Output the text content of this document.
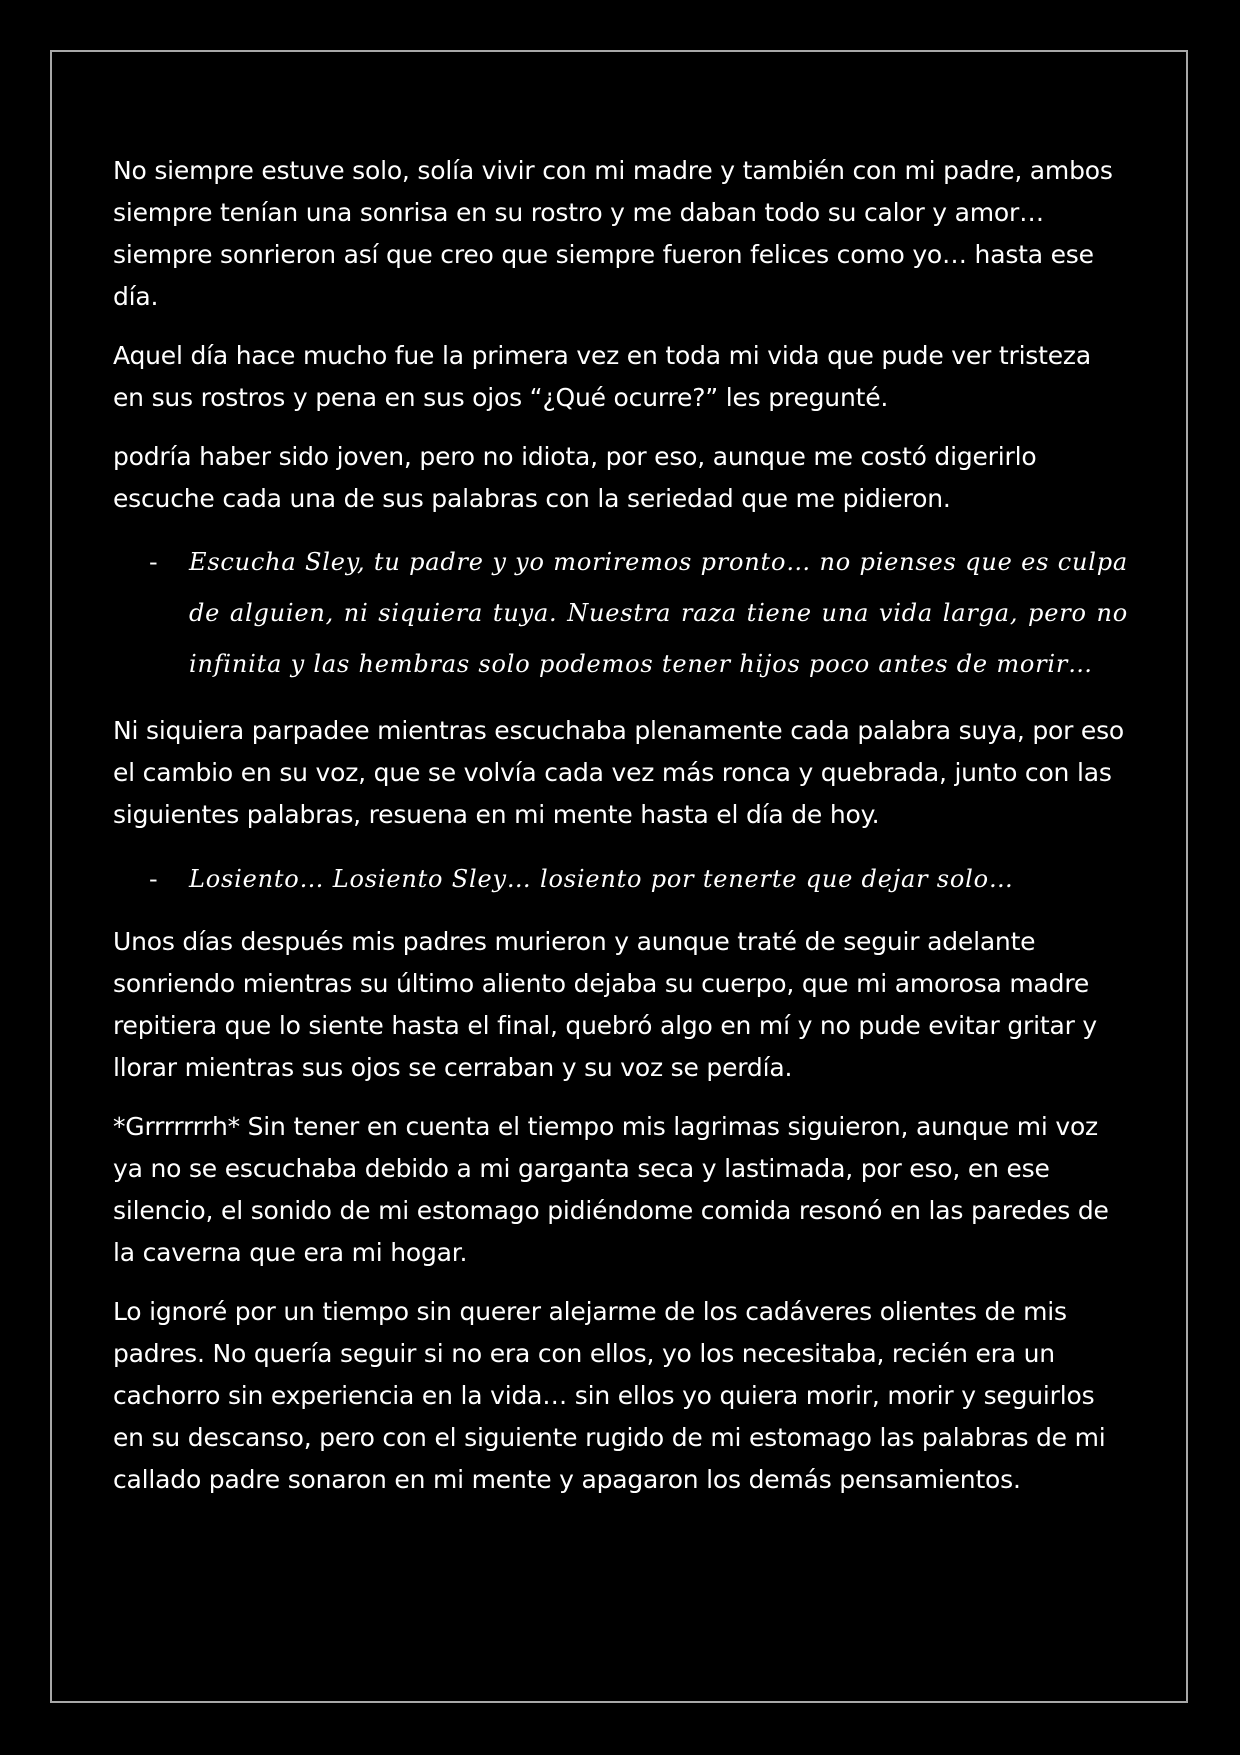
No siempre estuve solo, solía vivir con mi madre y también con mi padre, ambos siempre tenían una sonrisa en su rostro y me daban todo su calor y amor… siempre sonrieron así que creo que siempre fueron felices como yo… hasta ese día.

Aquel día hace mucho fue la primera vez en toda mi vida que pude ver tristeza en sus rostros y pena en sus ojos “¿Qué ocurre?” les pregunté.

podría haber sido joven, pero no idiota, por eso, aunque me costó digerirlo escuche cada una de sus palabras con la seriedad que me pidieron.

- Escucha Sley, tu padre y yo moriremos pronto… no pienses que es culpa de alguien, ni siquiera tuya. Nuestra raza tiene una vida larga, pero no infinita y las hembras solo podemos tener hijos poco antes de morir…

Ni siquiera parpadee mientras escuchaba plenamente cada palabra suya, por eso el cambio en su voz, que se volvía cada vez más ronca y quebrada, junto con las siguientes palabras, resuena en mi mente hasta el día de hoy.

- Losiento… Losiento Sley… losiento por tenerte que dejar solo…

Unos días después mis padres murieron y aunque traté de seguir adelante sonriendo mientras su último aliento dejaba su cuerpo, que mi amorosa madre repitiera que lo siente hasta el final, quebró algo en mí y no pude evitar gritar y llorar mientras sus ojos se cerraban y su voz se perdía.

*Grrrrrrrh* Sin tener en cuenta el tiempo mis lagrimas siguieron, aunque mi voz ya no se escuchaba debido a mi garganta seca y lastimada, por eso, en ese silencio, el sonido de mi estomago pidiéndome comida resonó en las paredes de la caverna que era mi hogar.

Lo ignoré por un tiempo sin querer alejarme de los cadáveres olientes de mis padres. No quería seguir si no era con ellos, yo los necesitaba, recién era un cachorro sin experiencia en la vida… sin ellos yo quiera morir, morir y seguirlos en su descanso, pero con el siguiente rugido de mi estomago las palabras de mi callado padre sonaron en mi mente y apagaron los demás pensamientos.
